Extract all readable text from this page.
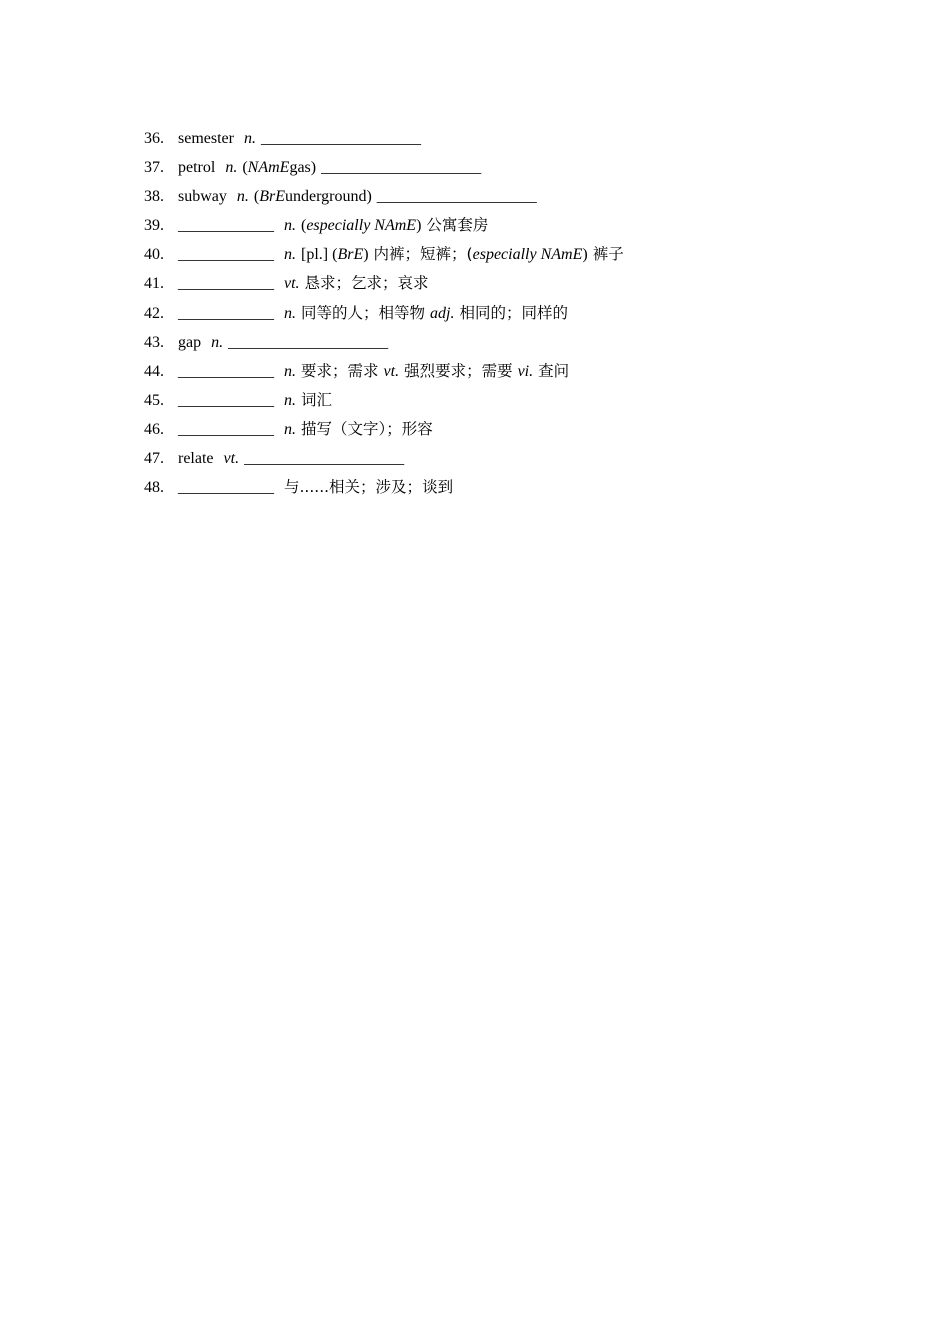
36. semester n. ____________________
37. petrol n. ( NAmE gas) ____________________
38. subway n. ( BrE underground) ____________________
39. ____________ n. ( especially NAmE ) 公寓套房
40. ____________ n. [pl.] ( BrE ) 内裤；短裤；( especially NAmE ) 裤子
41. ____________ vt. 恳求；乞求；哀求
42. ____________ n. 同等的人；相等物 adj. 相同的；同样的
43. gap n. ____________________
44. ____________ n. 要求；需求 vt. 强烈要求；需要 vi. 查问
45. ____________ n. 词汇
46. ____________ n. 描写（文字）；形容
47. relate vt. ____________________
48. ____________ 与......相关；涉及；谈到
